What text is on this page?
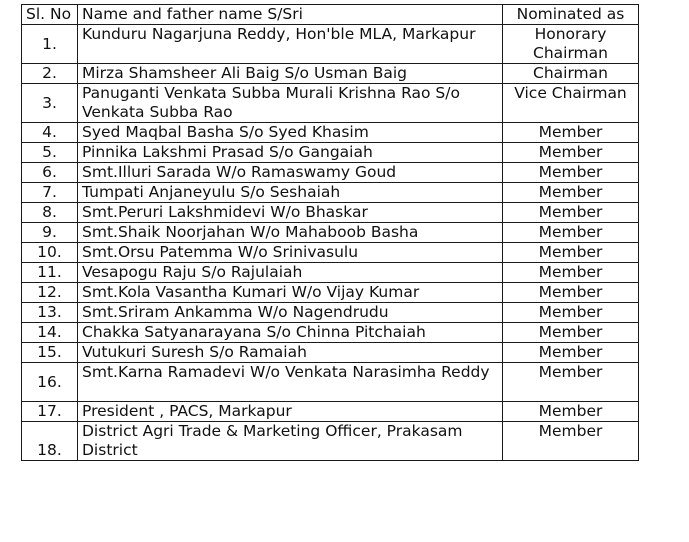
Sl. No	Name and father name S/Sri	Nominated as
1.	Kunduru Nagarjuna Reddy, Hon'ble MLA, Markapur	Honorary Chairman
2.	Mirza Shamsheer Ali Baig S/o Usman Baig	Chairman
3.	Panuganti Venkata Subba Murali Krishna Rao S/o Venkata Subba Rao	Vice Chairman
4.	Syed Maqbal Basha S/o Syed Khasim	Member
5.	Pinnika Lakshmi Prasad S/o Gangaiah	Member
6.	Smt.Illuri Sarada W/o Ramaswamy Goud	Member
7.	Tumpati Anjaneyulu S/o Seshaiah	Member
8.	Smt.Peruri Lakshmidevi W/o Bhaskar	Member
9.	Smt.Shaik Noorjahan W/o Mahaboob Basha	Member
10.	Smt.Orsu Patemma W/o Srinivasulu	Member
11.	Vesapogu Raju S/o Rajulaiah	Member
12.	Smt.Kola Vasantha Kumari W/o Vijay Kumar	Member
13.	Smt.Sriram Ankamma W/o Nagendrudu	Member
14.	Chakka Satyanarayana S/o Chinna Pitchaiah	Member
15.	Vutukuri Suresh S/o Ramaiah	Member
16.	Smt.Karna Ramadevi W/o Venkata Narasimha Reddy	Member
17.	President , PACS, Markapur	Member
18.	District Agri Trade & Marketing Officer, Prakasam District	Member
